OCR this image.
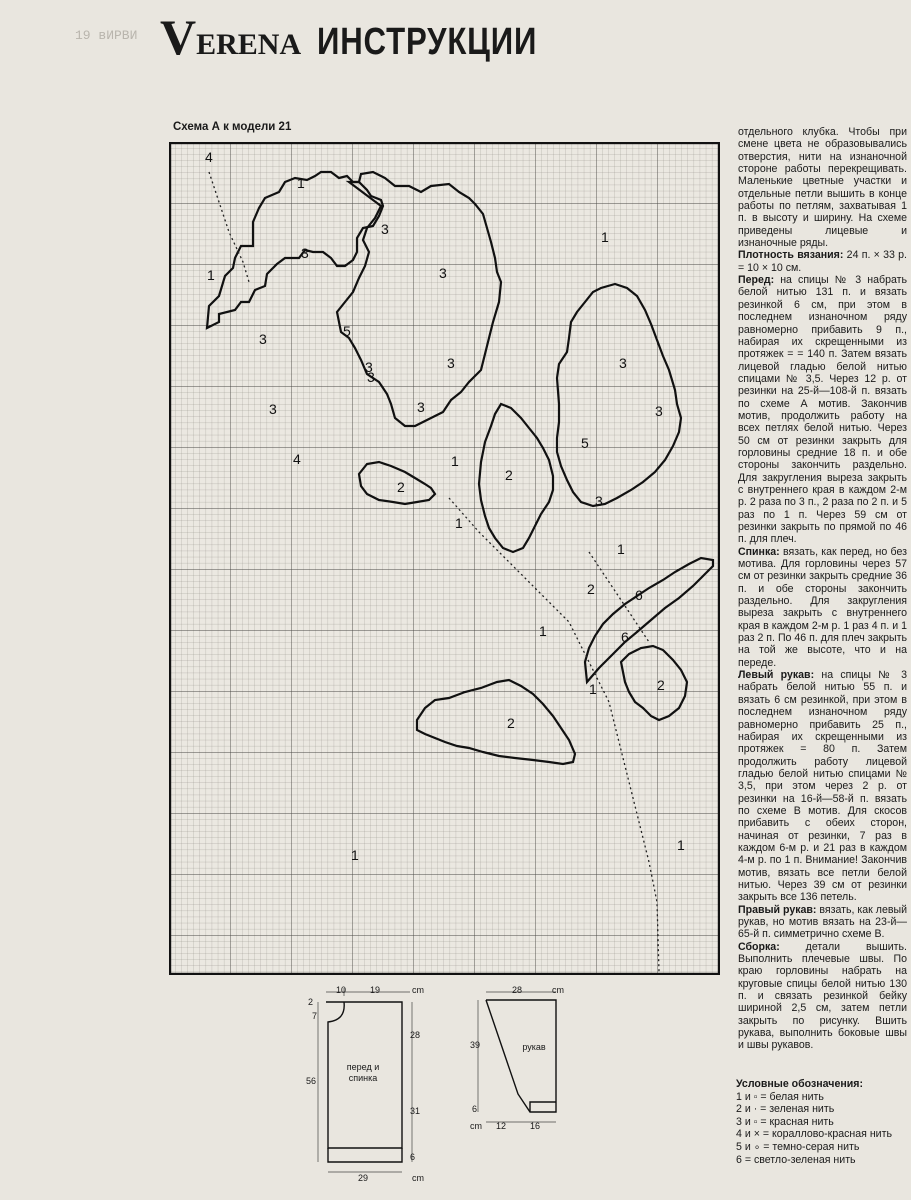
19 вИРВИ VERENA ИНСТРУКЦИИ
Схема А к модели 21
4
1
1
3
3
3
1
3
5
3
3
3
3
3
3
5
3
3
4	1
2
2
1
1
1
2	6
6
2
1
2
1
1

отдельного клубка. Чтобы при смене цвета не образовывались отверстия, нити на изнаночной стороне работы перекрещивать. Маленькие цветные участки и отдельные петли вышить в конце работы по петлям, захватывая 1 п. в высоту и ширину. На схеме приведены лицевые и изнаночные ряды.

Плотность вязания: 24 п. × 33 р. = 10 × 10 см.

Перед: на спицы № 3 набрать белой нитью 131 п. и вязать резинкой 6 см, при этом в последнем изнаночном ряду равномерно прибавить 9 п., набирая их скрещенными из протяжек = = 140 п. Затем вязать лицевой гладью белой нитью спицами № 3,5. Через 12 р. от резинки на 25-й—108-й п. вязать по схеме А мотив. Закончив мотив, продолжить работу на всех петлях белой нитью. Через 50 см от резинки закрыть для горловины средние 18 п. и обе стороны закончить раздельно. Для закругления выреза закрыть с внутреннего края в каждом 2-м р. 2 раза по 3 п., 2 раза по 2 п. и 5 раз по 1 п. Через 59 см от резинки закрыть по прямой по 46 п. для плеч.

Спинка: вязать, как перед, но без мотива. Для горловины через 57 см от резинки закрыть средние 36 п. и обе стороны закончить раздельно. Для закругления выреза закрыть с внутреннего края в каждом 2-м р. 1 раз 4 п. и 1 раз 2 п. По 46 п. для плеч закрыть на той же высоте, что и на переде.

Левый рукав: на спицы № 3 набрать белой нитью 55 п. и вязать 6 см резинкой, при этом в последнем изнаночном ряду равномерно прибавить 25 п., набирая их скрещенными из протяжек = 80 п. Затем продолжить работу лицевой гладью белой нитью спицами № 3,5, при этом через 2 р. от резинки на 16-й—58-й п. вязать по схеме В мотив. Для скосов прибавить с обеих сторон, начиная от резинки, 7 раз в каждом 6-м р. и 21 раз в каждом 4-м р. по 1 п. Внимание! Закончив мотив, вязать все петли белой нитью. Через 39 см от резинки закрыть все 136 петель.

Правый рукав: вязать, как левый рукав, но мотив вязать на 23-й—65-й п. симметрично схеме В.

Сборка: детали вышить. Выполнить плечевые швы. По краю горловины набрать на круговые спицы белой нитью 130 п. и связать резинкой бейку шириной 2,5 см, затем петли закрыть по рисунку. Вшить рукава, выполнить боковые швы и швы рукавов.

Условные обозначения:
1 и ▫ = белая нить
2 и · = зеленая нить
3 и ▫ = красная нить
4 и × = кораллово-красная нить
5 и ∘ = темно-серая нить
6 = светло-зеленая нить
10	19	cm
2
7
56
28
31
6
29	cm
перед и спинка
28	cm
39
6
cm 12	16
рукав
